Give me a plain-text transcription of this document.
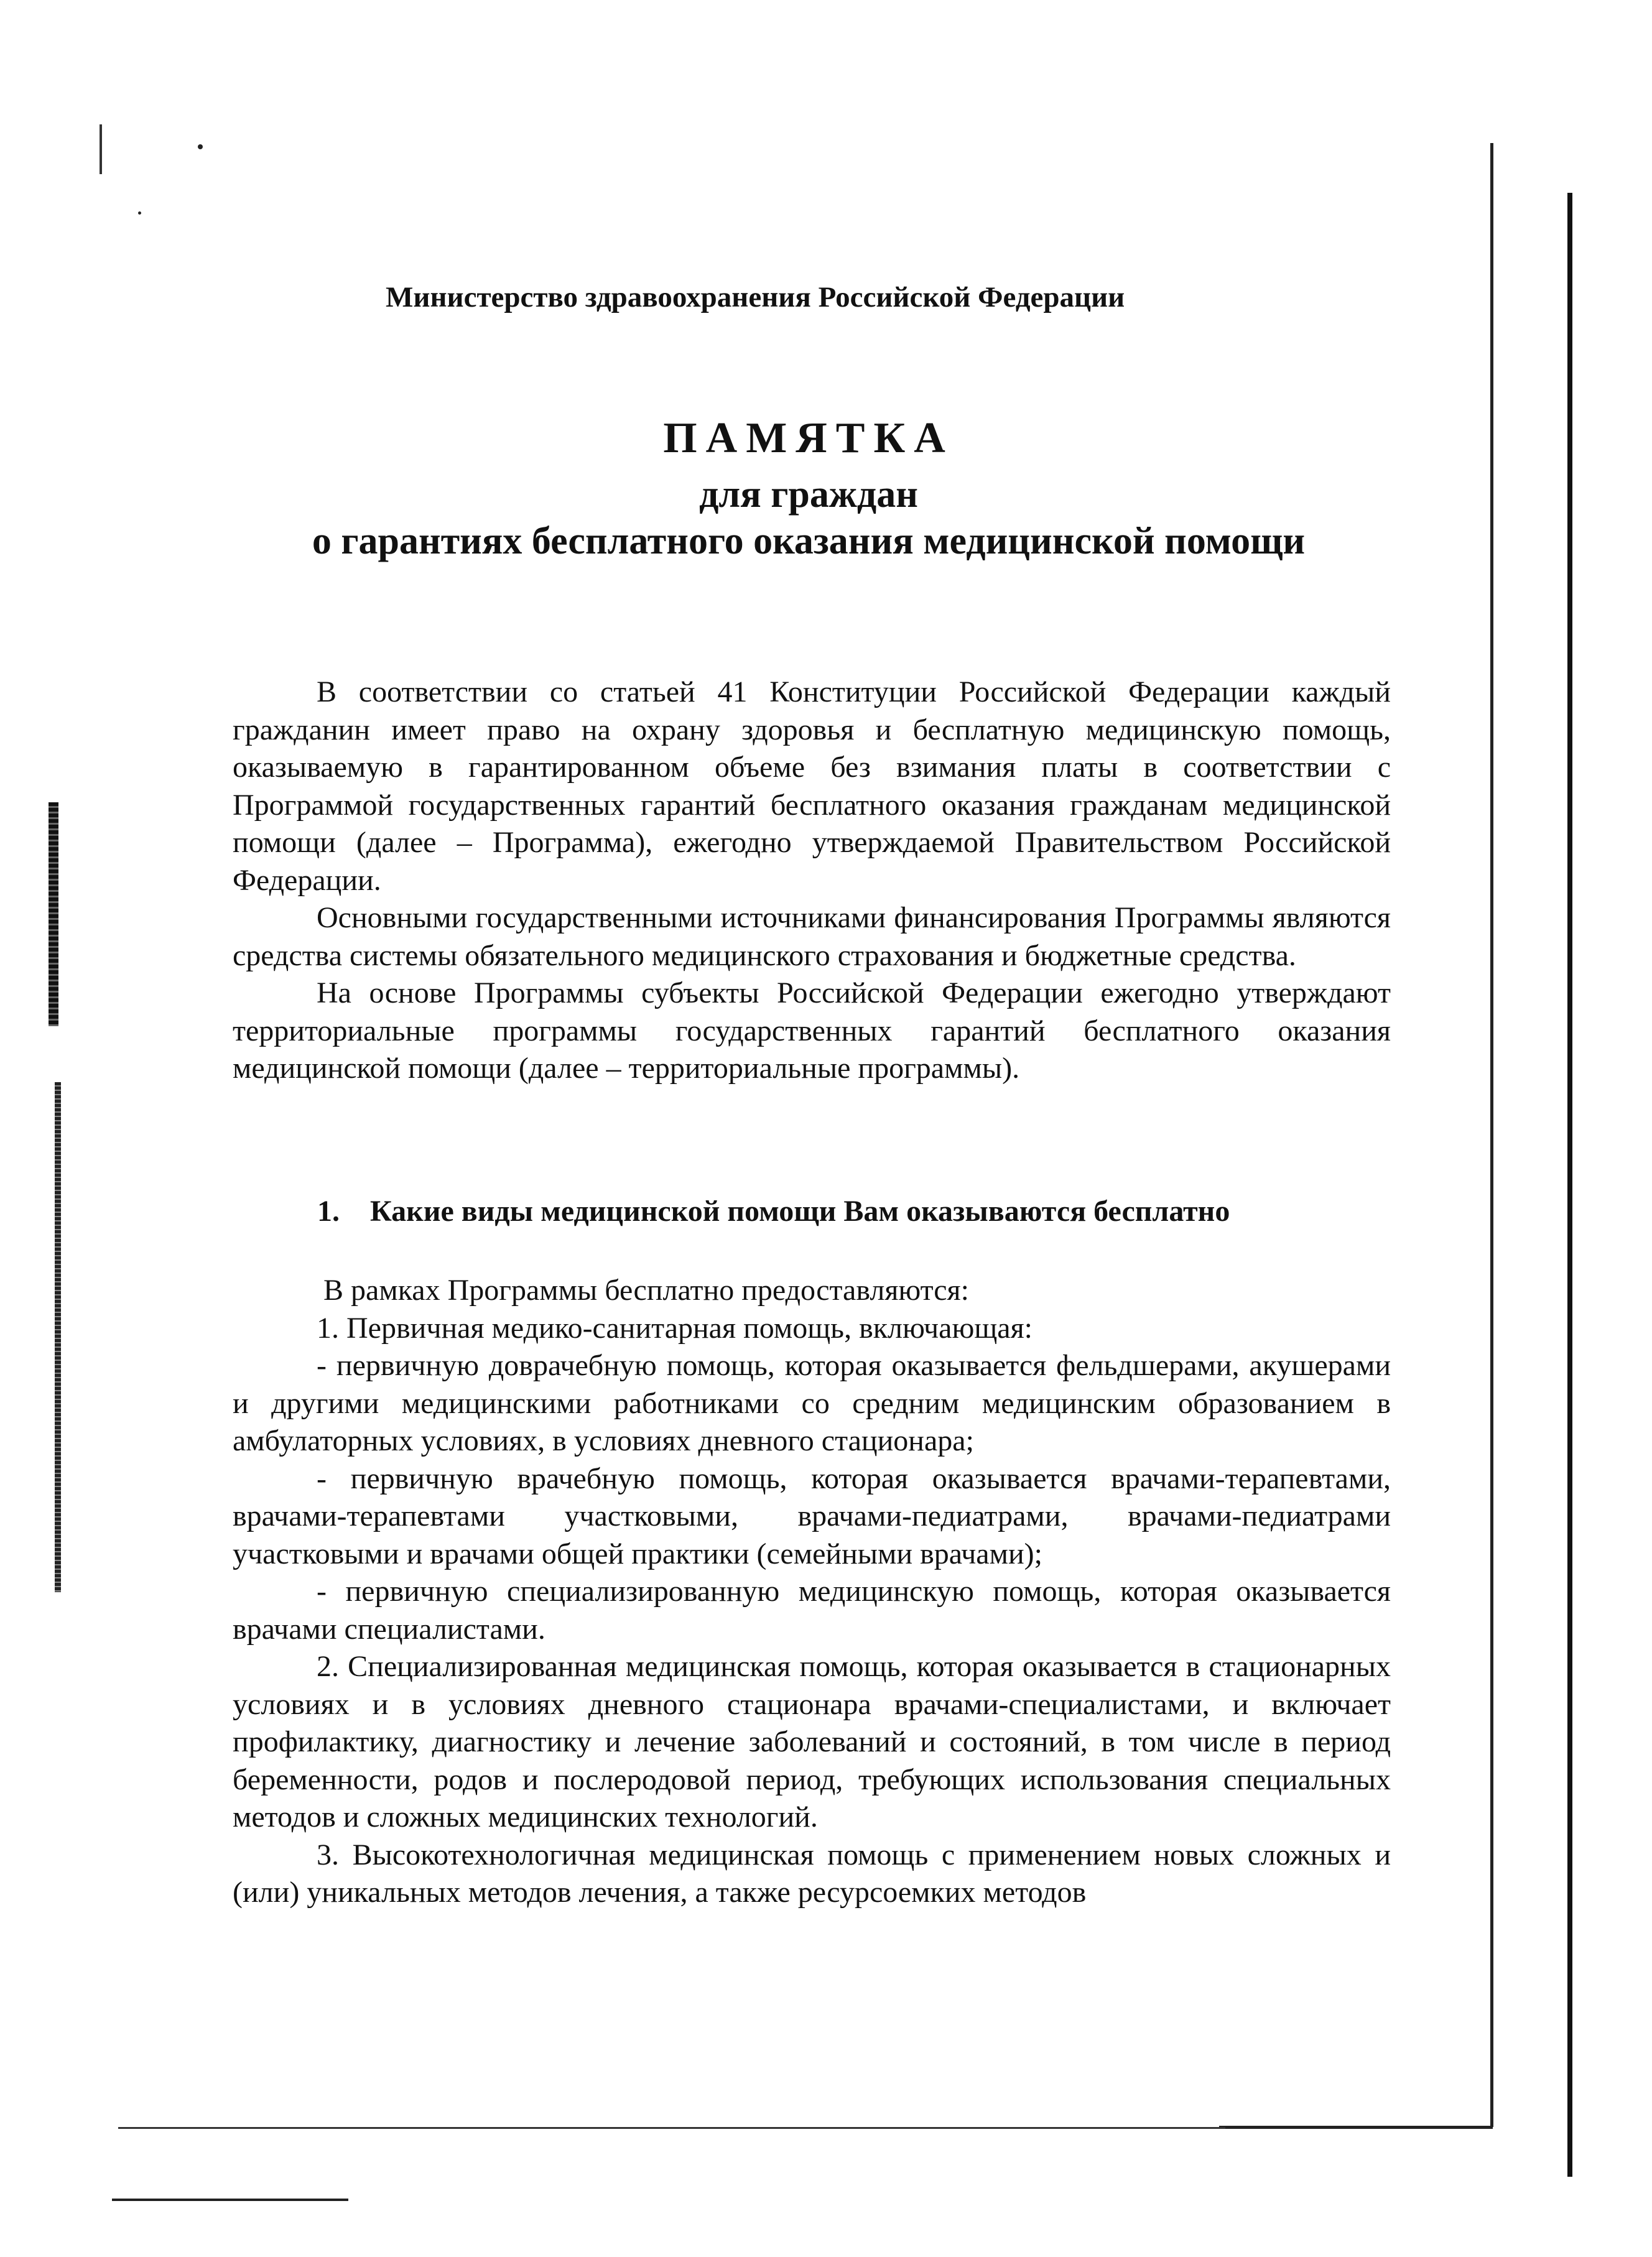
Министерство здравоохранения Российской Федерации
ПАМЯТКА
для граждан
о гарантиях бесплатного оказания медицинской помощи

В соответствии со статьей 41 Конституции Российской Федерации каждый гражданин имеет право на охрану здоровья и бесплатную медицинскую помощь, оказываемую в гарантированном объеме без взимания платы в соответствии с Программой государственных гарантий бесплатного оказания гражданам медицинской помощи (далее – Программа), ежегодно утверждаемой Правительством Российской Федерации.

Основными государственными источниками финансирования Программы являются средства системы обязательного медицинского страхования и бюджетные средства.

На основе Программы субъекты Российской Федерации ежегодно утверждают территориальные программы государственных гарантий бесплатного оказания медицинской помощи (далее – территориальные программы).

1. Какие виды медицинской помощи Вам оказываются бесплатно

В рамках Программы бесплатно предоставляются:

1. Первичная медико-санитарная помощь, включающая:

- первичную доврачебную помощь, которая оказывается фельдшерами, акушерами и другими медицинскими работниками со средним медицинским образованием в амбулаторных условиях, в условиях дневного стационара;

- первичную врачебную помощь, которая оказывается врачами-терапевтами, врачами-терапевтами участковыми, врачами-педиатрами, врачами-педиатрами участковыми и врачами общей практики (семейными врачами);

- первичную специализированную медицинскую помощь, которая оказывается врачами специалистами.

2. Специализированная медицинская помощь, которая оказывается в стационарных условиях и в условиях дневного стационара врачами-специалистами, и включает профилактику, диагностику и лечение заболеваний и состояний, в том числе в период беременности, родов и послеродовой период, требующих использования специальных методов и сложных медицинских технологий.

3. Высокотехнологичная медицинская помощь с применением новых сложных и (или) уникальных методов лечения, а также ресурсоемких методов
